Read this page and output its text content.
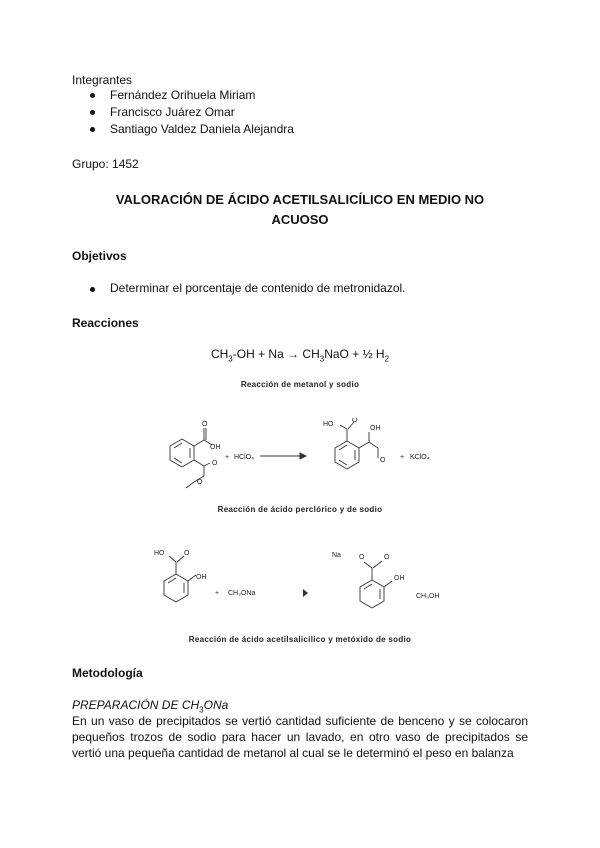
Integrantes

Fernández Orihuela Miriam
Francisco Juárez Omar
Santiago Valdez Daniela Alejandra

Grupo: 1452

VALORACIÓN DE ÁCIDO ACETILSALICÍLICO EN MEDIO NO
ACUOSO
Objetivos
Determinar el porcentaje de contenido de metronidazol.
Reacciones
$CH_3-OH + Na \to CH_3NaO$ + ½ $H_2$
Reacción de metanol y sodio
OH
O
O
O
+ HClO₄
HO
O
OH
O + KClO₄
Reacción de ácido perclórico y de sodio
HO	O
OH
+ CH₃ONa
Na	O	O
OH
CH₃OH
Reacción de ácido acetilsalicílico y metóxido de sodio
Metodología
PREPARACIÓN DE $CH_3ONa$

En un vaso de precipitados se vertió cantidad suficiente de benceno y se colocaron pequeños trozos de sodio para hacer un lavado, en otro vaso de precipitados se vertió una pequeña cantidad de metanol al cual se le determinó el peso en balanza
